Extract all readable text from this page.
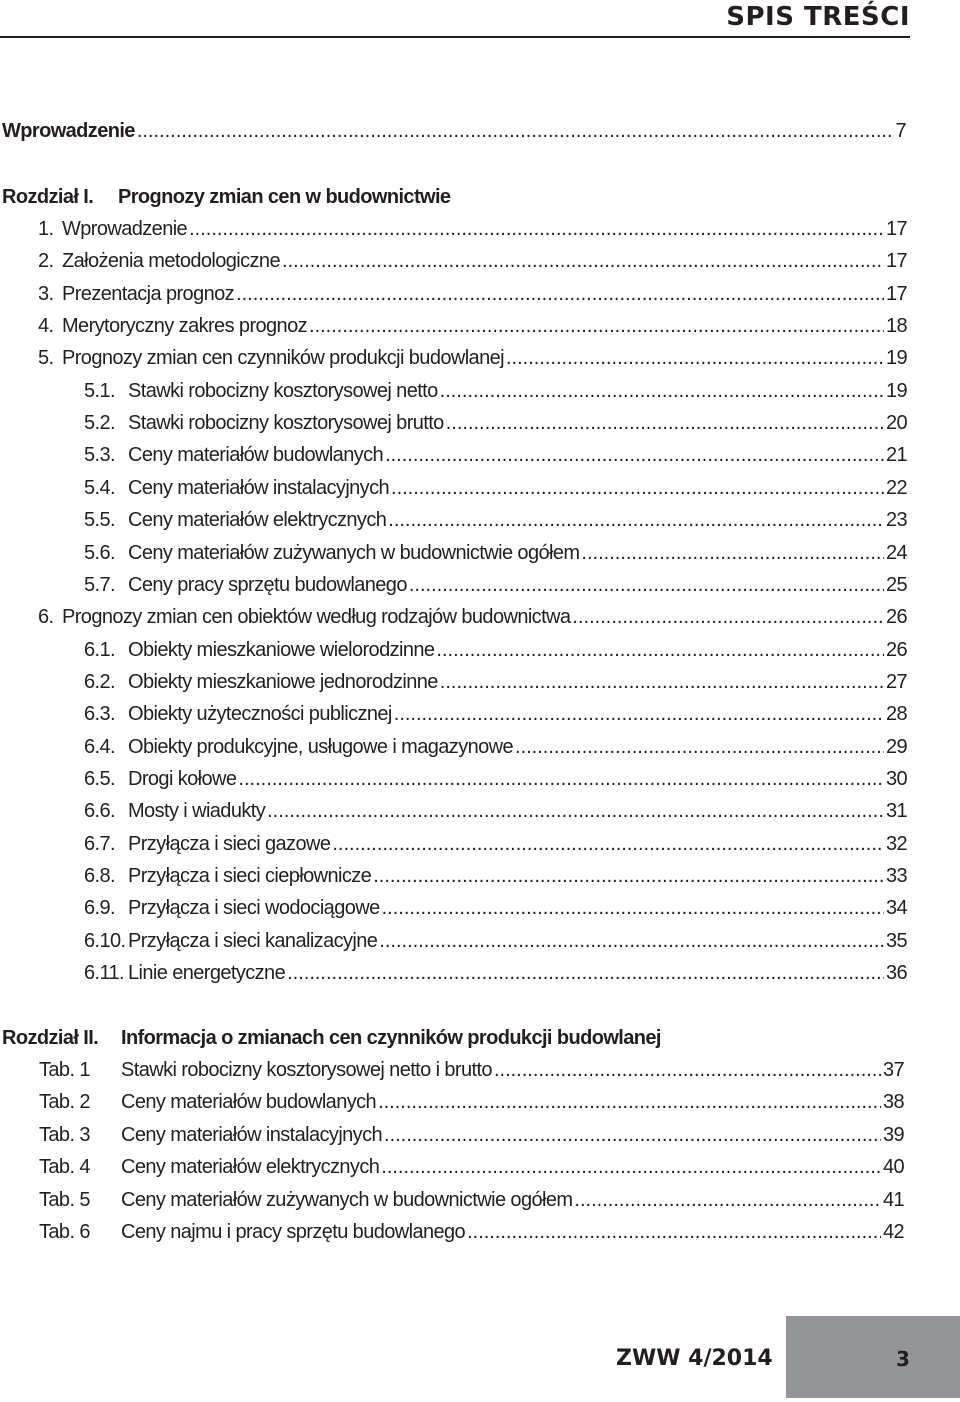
SPIS TREŚCI
Wprowadzenie .....	7
Rozdział I. Prognozy zmian cen w budownictwie
1. Wprowadzenie .....	17
2. Założenia metodologiczne .....	17
3. Prezentacja prognoz .....	17
4. Merytoryczny zakres prognoz .....	18
5. Prognozy zmian cen czynników produkcji budowlanej .....	19
5.1. Stawki robocizny kosztorysowej netto .....	19
5.2. Stawki robocizny kosztorysowej brutto .....	20
5.3. Ceny materiałów budowlanych .....	21
5.4. Ceny materiałów instalacyjnych .....	22
5.5. Ceny materiałów elektrycznych .....	23
5.6. Ceny materiałów zużywanych w budownictwie ogółem .....	24
5.7. Ceny pracy sprzętu budowlanego .....	25
6. Prognozy zmian cen obiektów według rodzajów budownictwa .....	26
6.1. Obiekty mieszkaniowe wielorodzinne .....	26
6.2. Obiekty mieszkaniowe jednorodzinne .....	27
6.3. Obiekty użyteczności publicznej .....	28
6.4. Obiekty produkcyjne, usługowe i magazynowe .....	29
6.5. Drogi kołowe .....	30
6.6. Mosty i wiadukty .....	31
6.7. Przyłącza i sieci gazowe .....	32
6.8. Przyłącza i sieci ciepłownicze .....	33
6.9. Przyłącza i sieci wodociągowe .....	34
6.10. Przyłącza i sieci kanalizacyjne .....	35
6.11. Linie energetyczne .....	36
Rozdział II. Informacja o zmianach cen czynników produkcji budowlanej
Tab. 1 Stawki robocizny kosztorysowej netto i brutto .....	37
Tab. 2 Ceny materiałów budowlanych .....	38
Tab. 3 Ceny materiałów instalacyjnych .....	39
Tab. 4 Ceny materiałów elektrycznych .....	40
Tab. 5 Ceny materiałów zużywanych w budownictwie ogółem .....	41
Tab. 6 Ceny najmu i pracy sprzętu budowlanego .....	42
ZWW 4/2014	3
